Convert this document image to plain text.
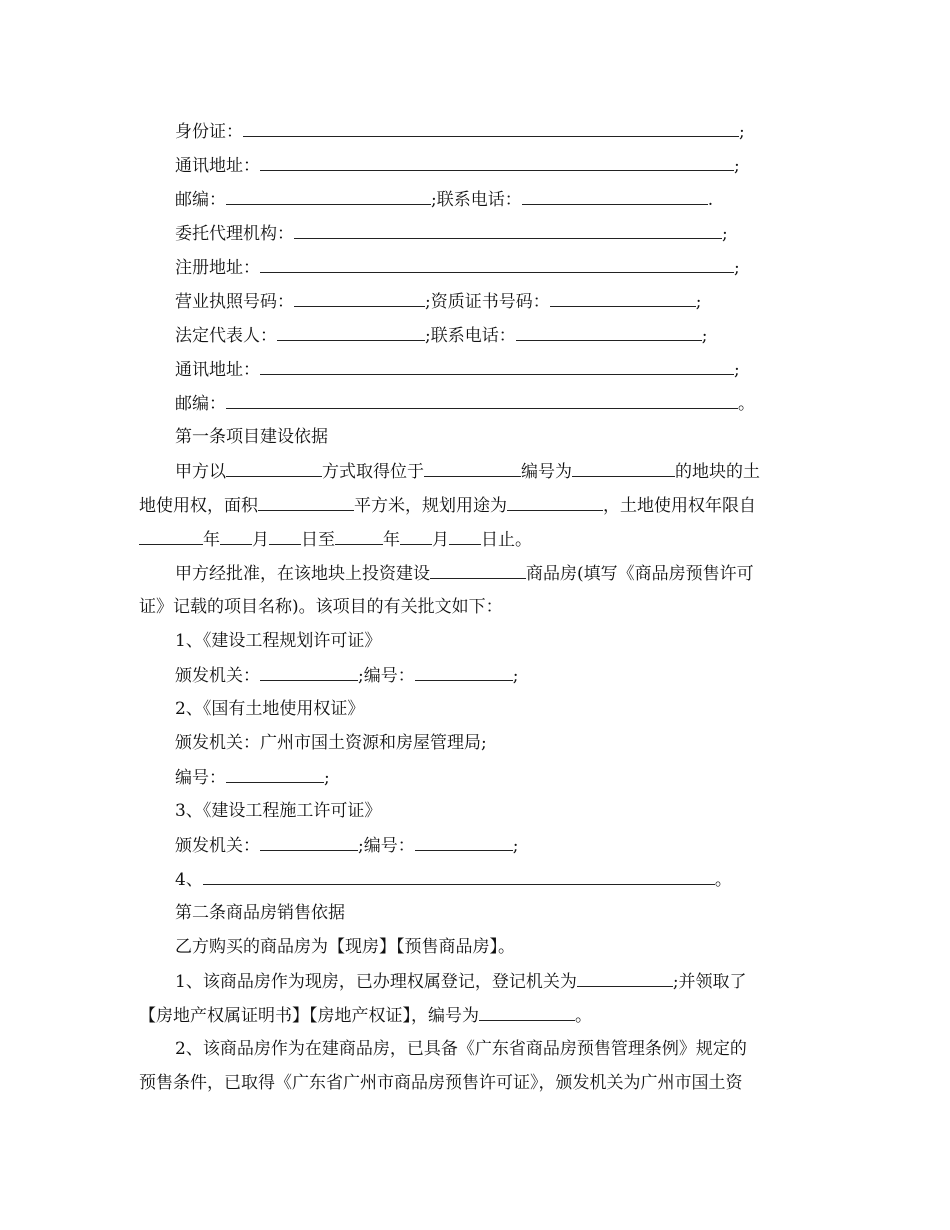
身份证：	;
通讯地址：	;
邮编：	;联系电话：	.
委托代理机构：	;
注册地址：	;
营业执照号码：	;资质证书号码：	;
法定代表人：	;联系电话：	;
通讯地址：	;
邮编：	。
第一条项目建设依据
甲方以	方式取得位于	编号为	的地块的土
地使用权，面积	平方米，规划用途为	，土地使用权年限自
年 月 日至	年 月 日止。
甲方经批准，在该地块上投资建设	商品房(填写《商品房预售许可
证》记载的项目名称)。该项目的有关批文如下：
1、《建设工程规划许可证》
颁发机关：	;编号：	;
2、《国有土地使用权证》
颁发机关：广州市国土资源和房屋管理局;
编号：	;
3、《建设工程施工许可证》
颁发机关：	;编号：	;
4、	。
第二条商品房销售依据
乙方购买的商品房为【现房】【预售商品房】。
1、该商品房作为现房，已办理权属登记，登记机关为	;并领取了
【房地产权属证明书】【房地产权证】，编号为	。
2、该商品房作为在建商品房，已具备《广东省商品房预售管理条例》规定的
预售条件，已取得《广东省广州市商品房预售许可证》，颁发机关为广州市国土资
